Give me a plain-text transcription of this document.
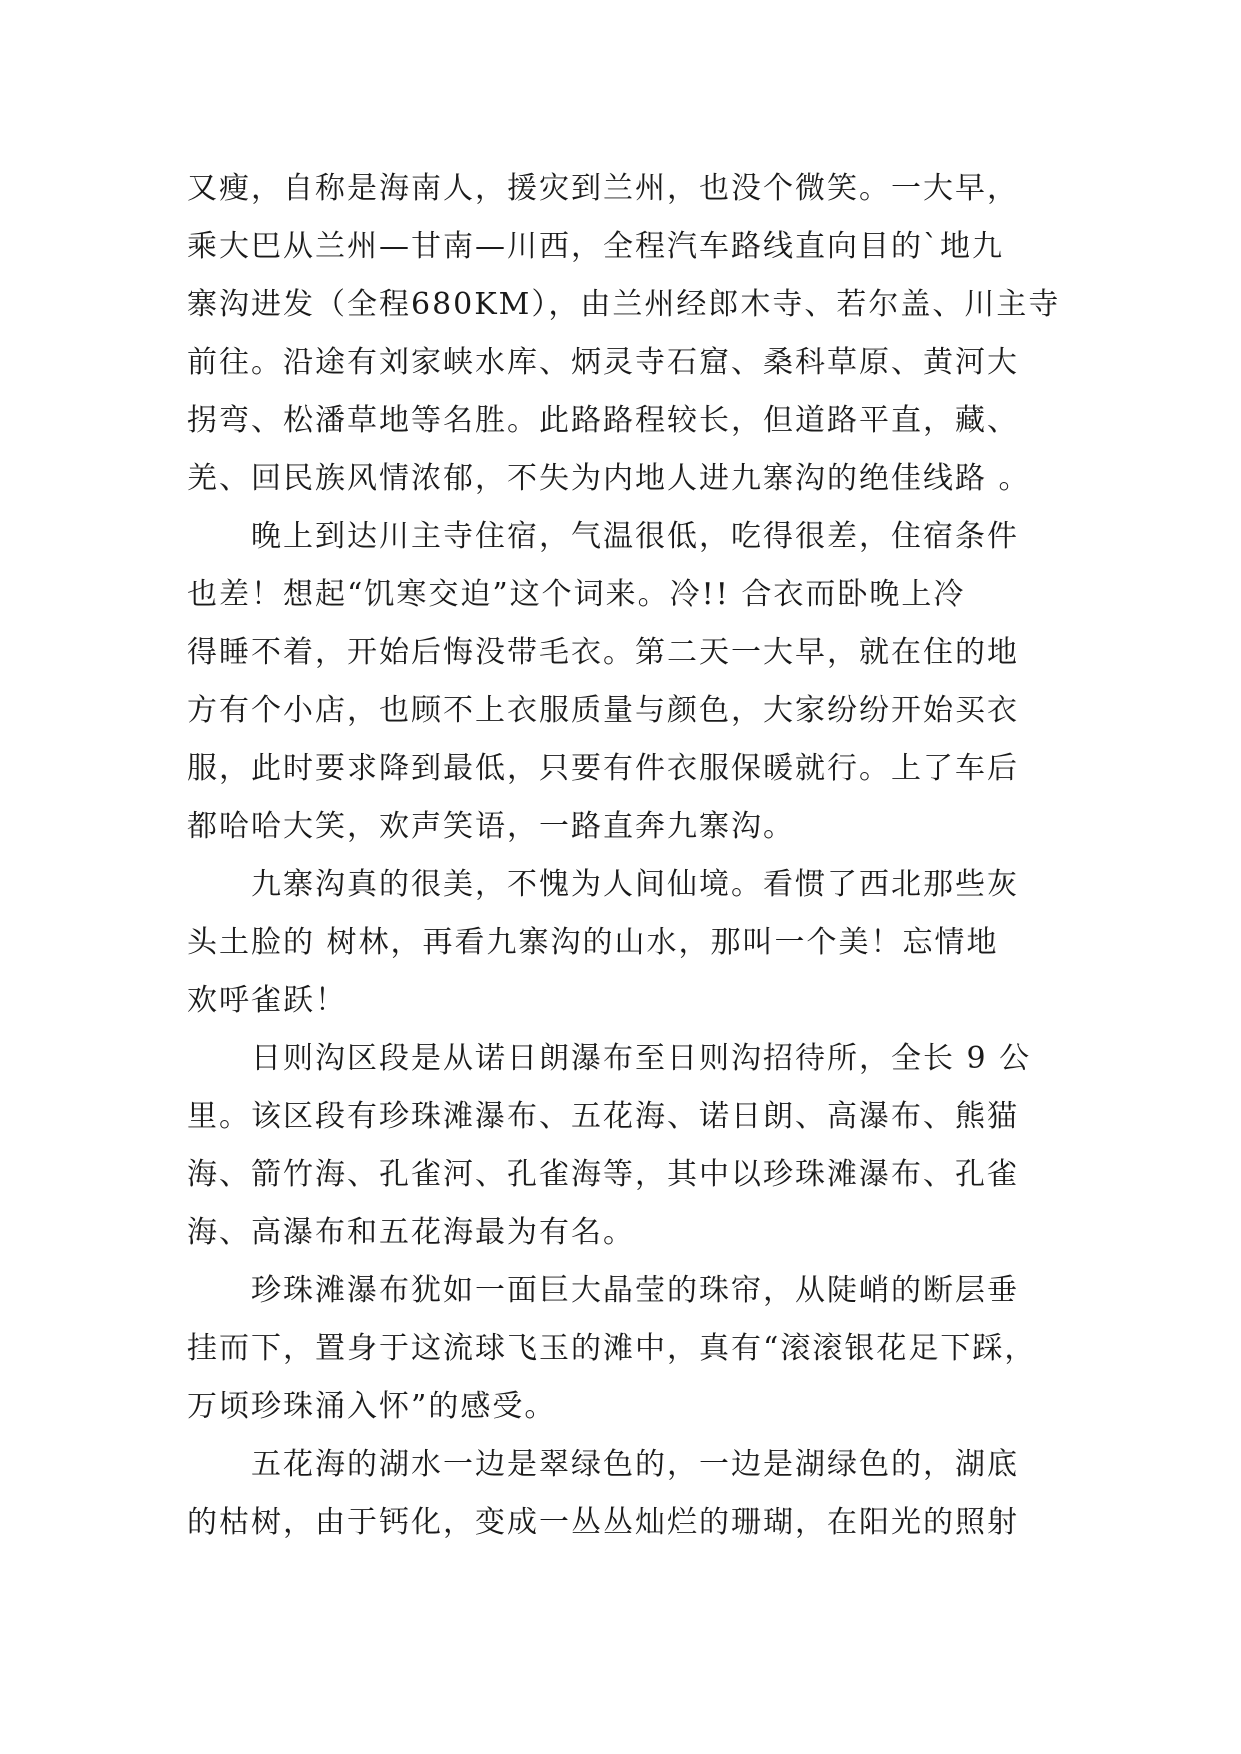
又瘦，自称是海南人，援灾到兰州，也没个微笑。一大早，
乘大巴从兰州—甘南—川西，全程汽车路线直向目的`地九
寨沟进发（全程680KM），由兰州经郎木寺、若尔盖、川主寺
前往。沿途有刘家峡水库、炳灵寺石窟、桑科草原、黄河大
拐弯、松潘草地等名胜。此路路程较长，但道路平直，藏、
羌、回民族风情浓郁，不失为内地人进九寨沟的绝佳线路 。
晚上到达川主寺住宿，气温很低，吃得很差，住宿条件
也差！想起“饥寒交迫”这个词来。冷!! 合衣而卧晚上冷
得睡不着，开始后悔没带毛衣。第二天一大早，就在住的地
方有个小店，也顾不上衣服质量与颜色，大家纷纷开始买衣
服，此时要求降到最低，只要有件衣服保暖就行。上了车后
都哈哈大笑，欢声笑语，一路直奔九寨沟。
九寨沟真的很美，不愧为人间仙境。看惯了西北那些灰
头土脸的 树林，再看九寨沟的山水，那叫一个美！忘情地
欢呼雀跃！
日则沟区段是从诺日朗瀑布至日则沟招待所，全长 9 公
里。该区段有珍珠滩瀑布、五花海、诺日朗、高瀑布、熊猫
海、箭竹海、孔雀河、孔雀海等，其中以珍珠滩瀑布、孔雀
海、高瀑布和五花海最为有名。
珍珠滩瀑布犹如一面巨大晶莹的珠帘，从陡峭的断层垂
挂而下，置身于这流球飞玉的滩中，真有“滚滚银花足下踩，
万顷珍珠涌入怀”的感受。
五花海的湖水一边是翠绿色的，一边是湖绿色的，湖底
的枯树，由于钙化，变成一丛丛灿烂的珊瑚，在阳光的照射
